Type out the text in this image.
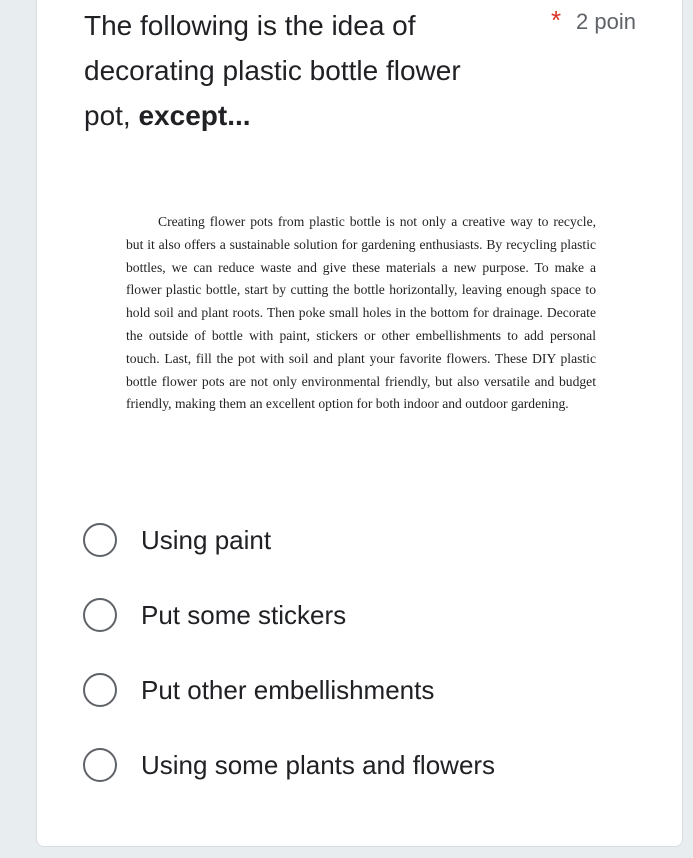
The following is the idea of decorating plastic bottle flower pot, except...
* 2 poin

Creating flower pots from plastic bottle is not only a creative way to recycle, but it also offers a sustainable solution for gardening enthusiasts. By recycling plastic bottles, we can reduce waste and give these materials a new purpose. To make a flower plastic bottle, start by cutting the bottle horizontally, leaving enough space to hold soil and plant roots. Then poke small holes in the bottom for drainage. Decorate the outside of bottle with paint, stickers or other embellishments to add personal touch. Last, fill the pot with soil and plant your favorite flowers. These DIY plastic bottle flower pots are not only environmental friendly, but also versatile and budget friendly, making them an excellent option for both indoor and outdoor gardening.

Using paint
Put some stickers
Put other embellishments
Using some plants and flowers
